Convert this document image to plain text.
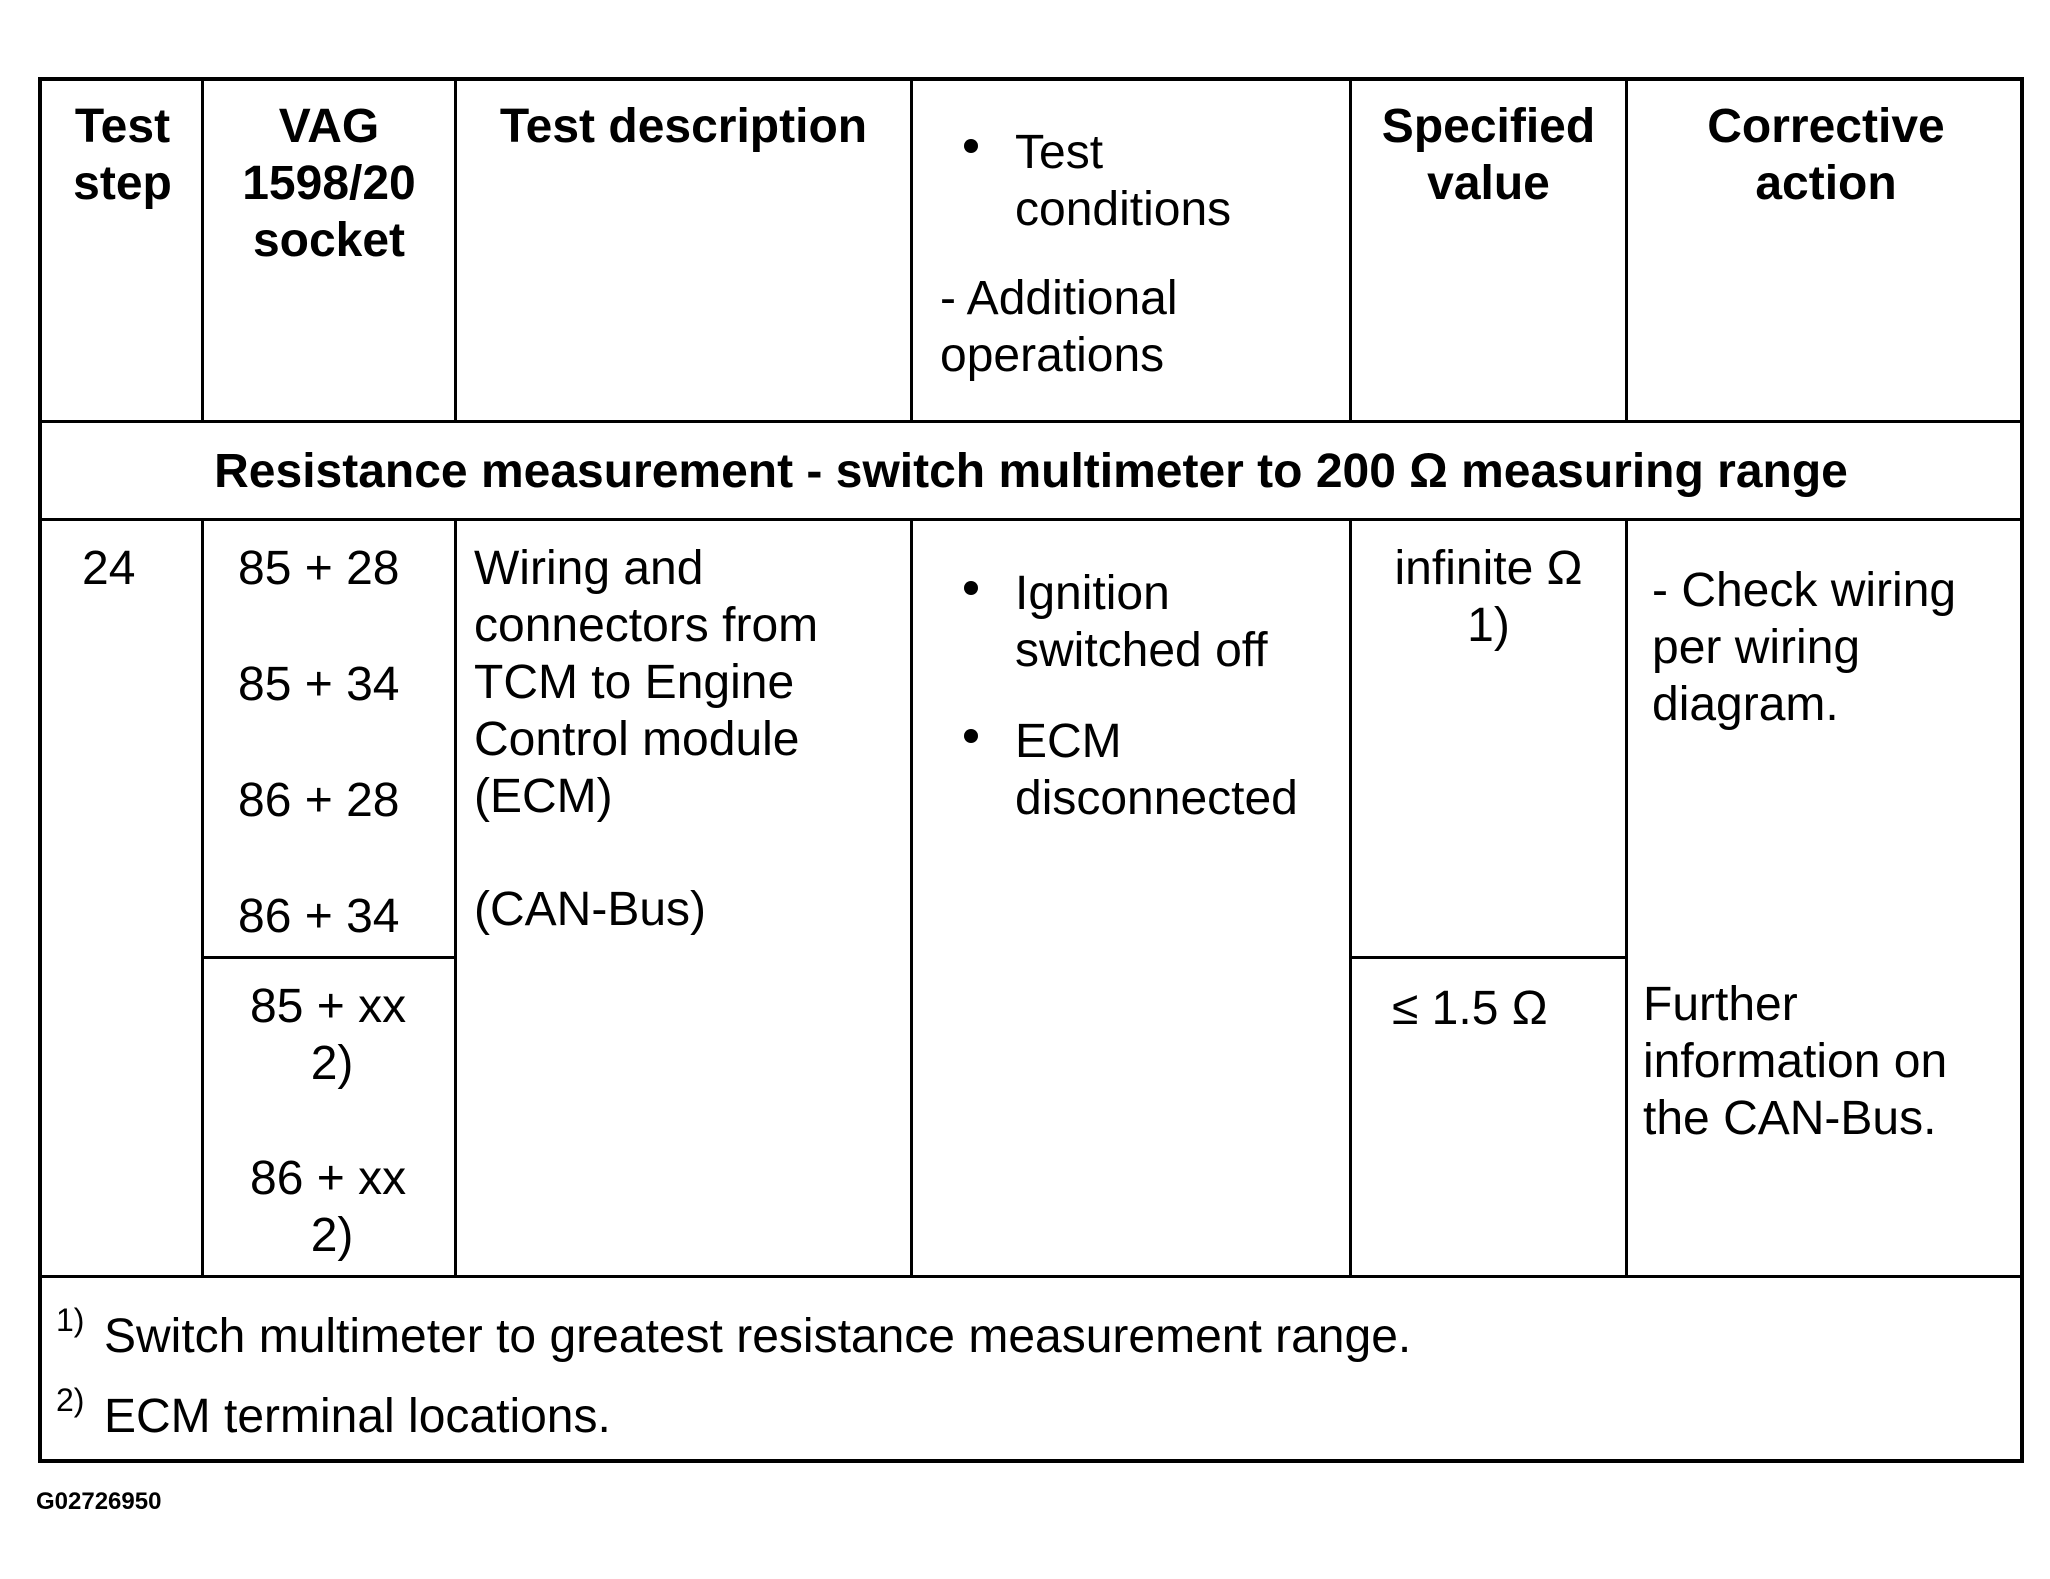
Test
step
VAG
1598/20
socket
Test description	Test
conditions
- Additional
operations
Specified
value
Corrective
action
Resistance measurement - switch multimeter to 200 Ω measuring range
24 85 + 28
85 + 34
86 + 28
86 + 34
85 + xx
2)
86 + xx
2)
Wiring and
connectors from
TCM to Engine
Control module
(ECM)
(CAN-Bus)
Ignition
switched off
ECM
disconnected
infinite Ω
1)
≤ 1.5 Ω
- Check wiring
per wiring
diagram.
Further
information on
the CAN-Bus.
1) Switch multimeter to greatest resistance measurement range.
2) ECM terminal locations.
G02726950
